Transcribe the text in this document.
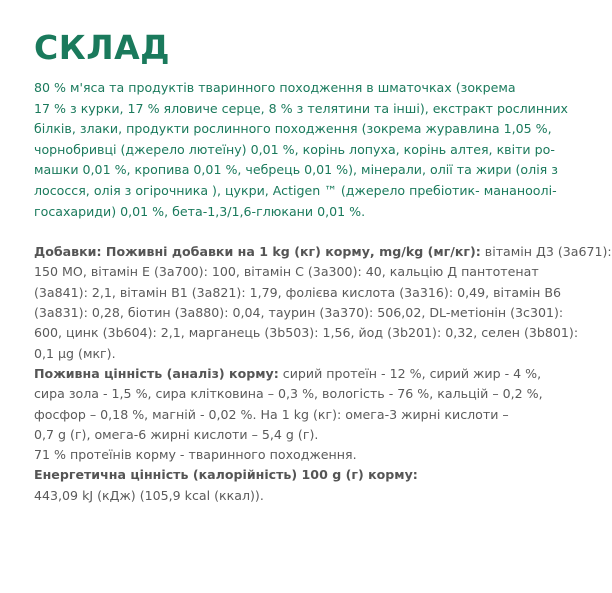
СКЛАД
80 % м'яса та продуктів тваринного походження в шматочках (зокрема
17 % з курки, 17 % яловиче серце, 8 % з телятини та інші), екстракт рослинних
білків, злаки, продукти рослинного походження (зокрема журавлина 1,05 %,
чорнобривці (джерело лютеїну) 0,01 %, корінь лопуха, корінь алтея, квіти ро-
машки 0,01 %, кропива 0,01 %, чебрець 0,01 %), мінерали, олії та жири (олія з
лососся, олія з огірочника ), цукри, Actigen ™ (джерело пребіотик- мананоолі-
госахариди) 0,01 %, бета-1,3/1,6-глюкани 0,01 %.
Добавки: Поживні добавки на 1 kg (кг) корму, mg/kg (мг/кг): вітамін Д3 (3а671):
150 МО, вітамін Е (3а700): 100, вітамін С (3а300): 40, кальцію Д пантотенат
(3а841): 2,1, вітамін В1 (3а821): 1,79, фолієва кислота (3а316): 0,49, вітамін В6
(3а831): 0,28, біотин (3а880): 0,04, таурин (3а370): 506,02, DL-метіонін (3с301):
600, цинк (3b604): 2,1, марганець (3b503): 1,56, йод (3b201): 0,32, селен (3b801):
0,1 µg (мкг).
Поживна цінність (аналіз) корму: сирий протеїн - 12 %, сирий жир - 4 %,
сира зола - 1,5 %, сира клітковина – 0,3 %, вологість - 76 %, кальцій – 0,2 %,
фосфор – 0,18 %, магній - 0,02 %. На 1 kg (кг): омега-3 жирні кислоти –
0,7 g (г), омега-6 жирні кислоти – 5,4 g (г).
71 % протеїнів корму - тваринного походження.
Енергетична цінність (калорійність) 100 g (г) корму:
443,09 kJ (кДж) (105,9 kcal (ккал)).
